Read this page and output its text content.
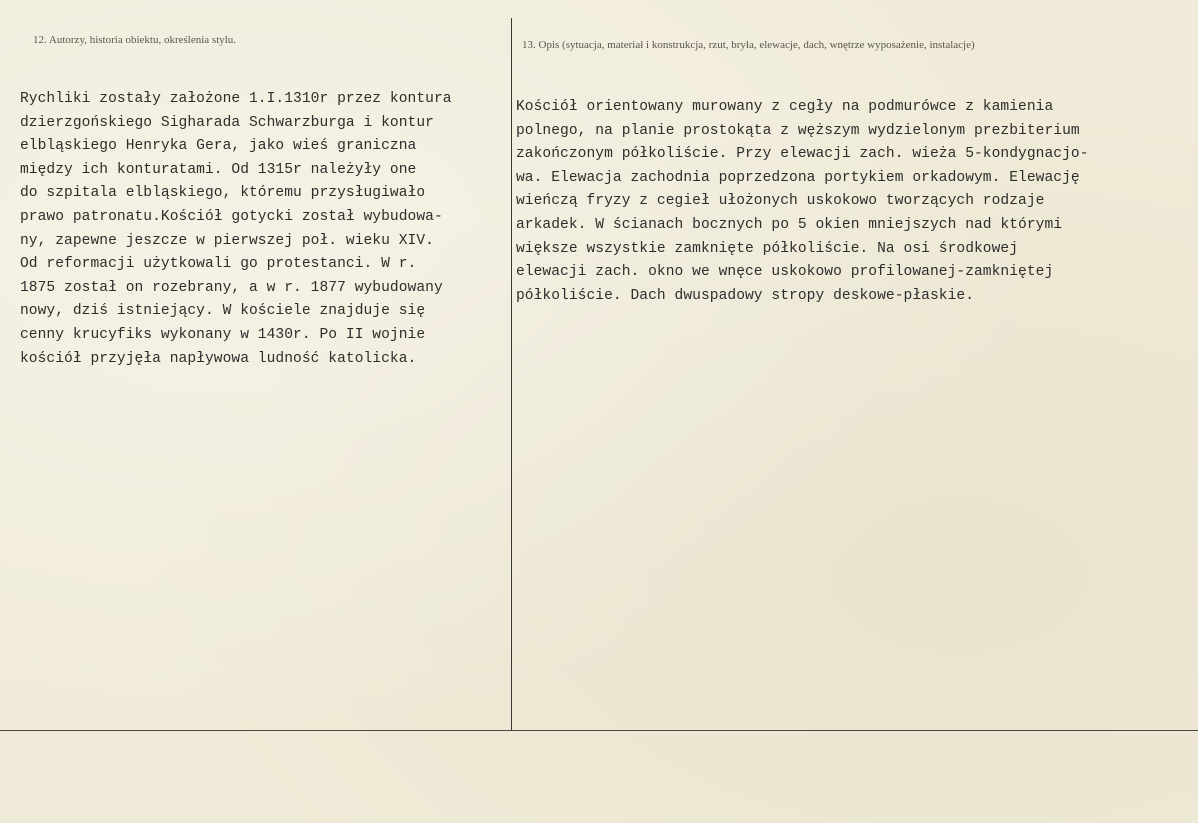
12. Autorzy, historia obiektu, określenia stylu.	13. Opis (sytuacja, materiał i konstrukcja, rzut, bryła, elewacje, dach, wnętrze wyposażenie, instalacje)
Rychliki zostały założone 1.I.1310r przez kontura
dzierzgońskiego Sigharada Schwarzburga i kontur
elbląskiego Henryka Gera, jako wieś graniczna
między ich konturatami. Od 1315r należyły one
do szpitala elbląskiego, któremu przysługiwało
prawo patronatu.Kościół gotycki został wybudowa-
ny, zapewne jeszcze w pierwszej poł. wieku XIV.
Od reformacji użytkowali go protestanci. W r.
1875 został on rozebrany, a w r. 1877 wybudowany
nowy, dziś istniejący. W kościele znajduje się
cenny krucyfiks wykonany w 1430r. Po II wojnie
kościół przyjęła napływowa ludność katolicka.
Kościół orientowany murowany z cegły na podmurówce z kamienia
polnego, na planie prostokąta z węższym wydzielonym prezbiterium
zakończonym półkoliście. Przy elewacji zach. wieża 5-kondygnacjo-
wa. Elewacja zachodnia poprzedzona portykiem orkadowym. Elewację
wieńczą fryzy z cegieł ułożonych uskokowo tworzących rodzaje
arkadek. W ścianach bocznych po 5 okien mniejszych nad którymi
większe wszystkie zamknięte półkoliście. Na osi środkowej
elewacji zach. okno we wnęce uskokowo profilowanej-zamkniętej
półkoliście. Dach dwuspadowy stropy deskowe-płaskie.
